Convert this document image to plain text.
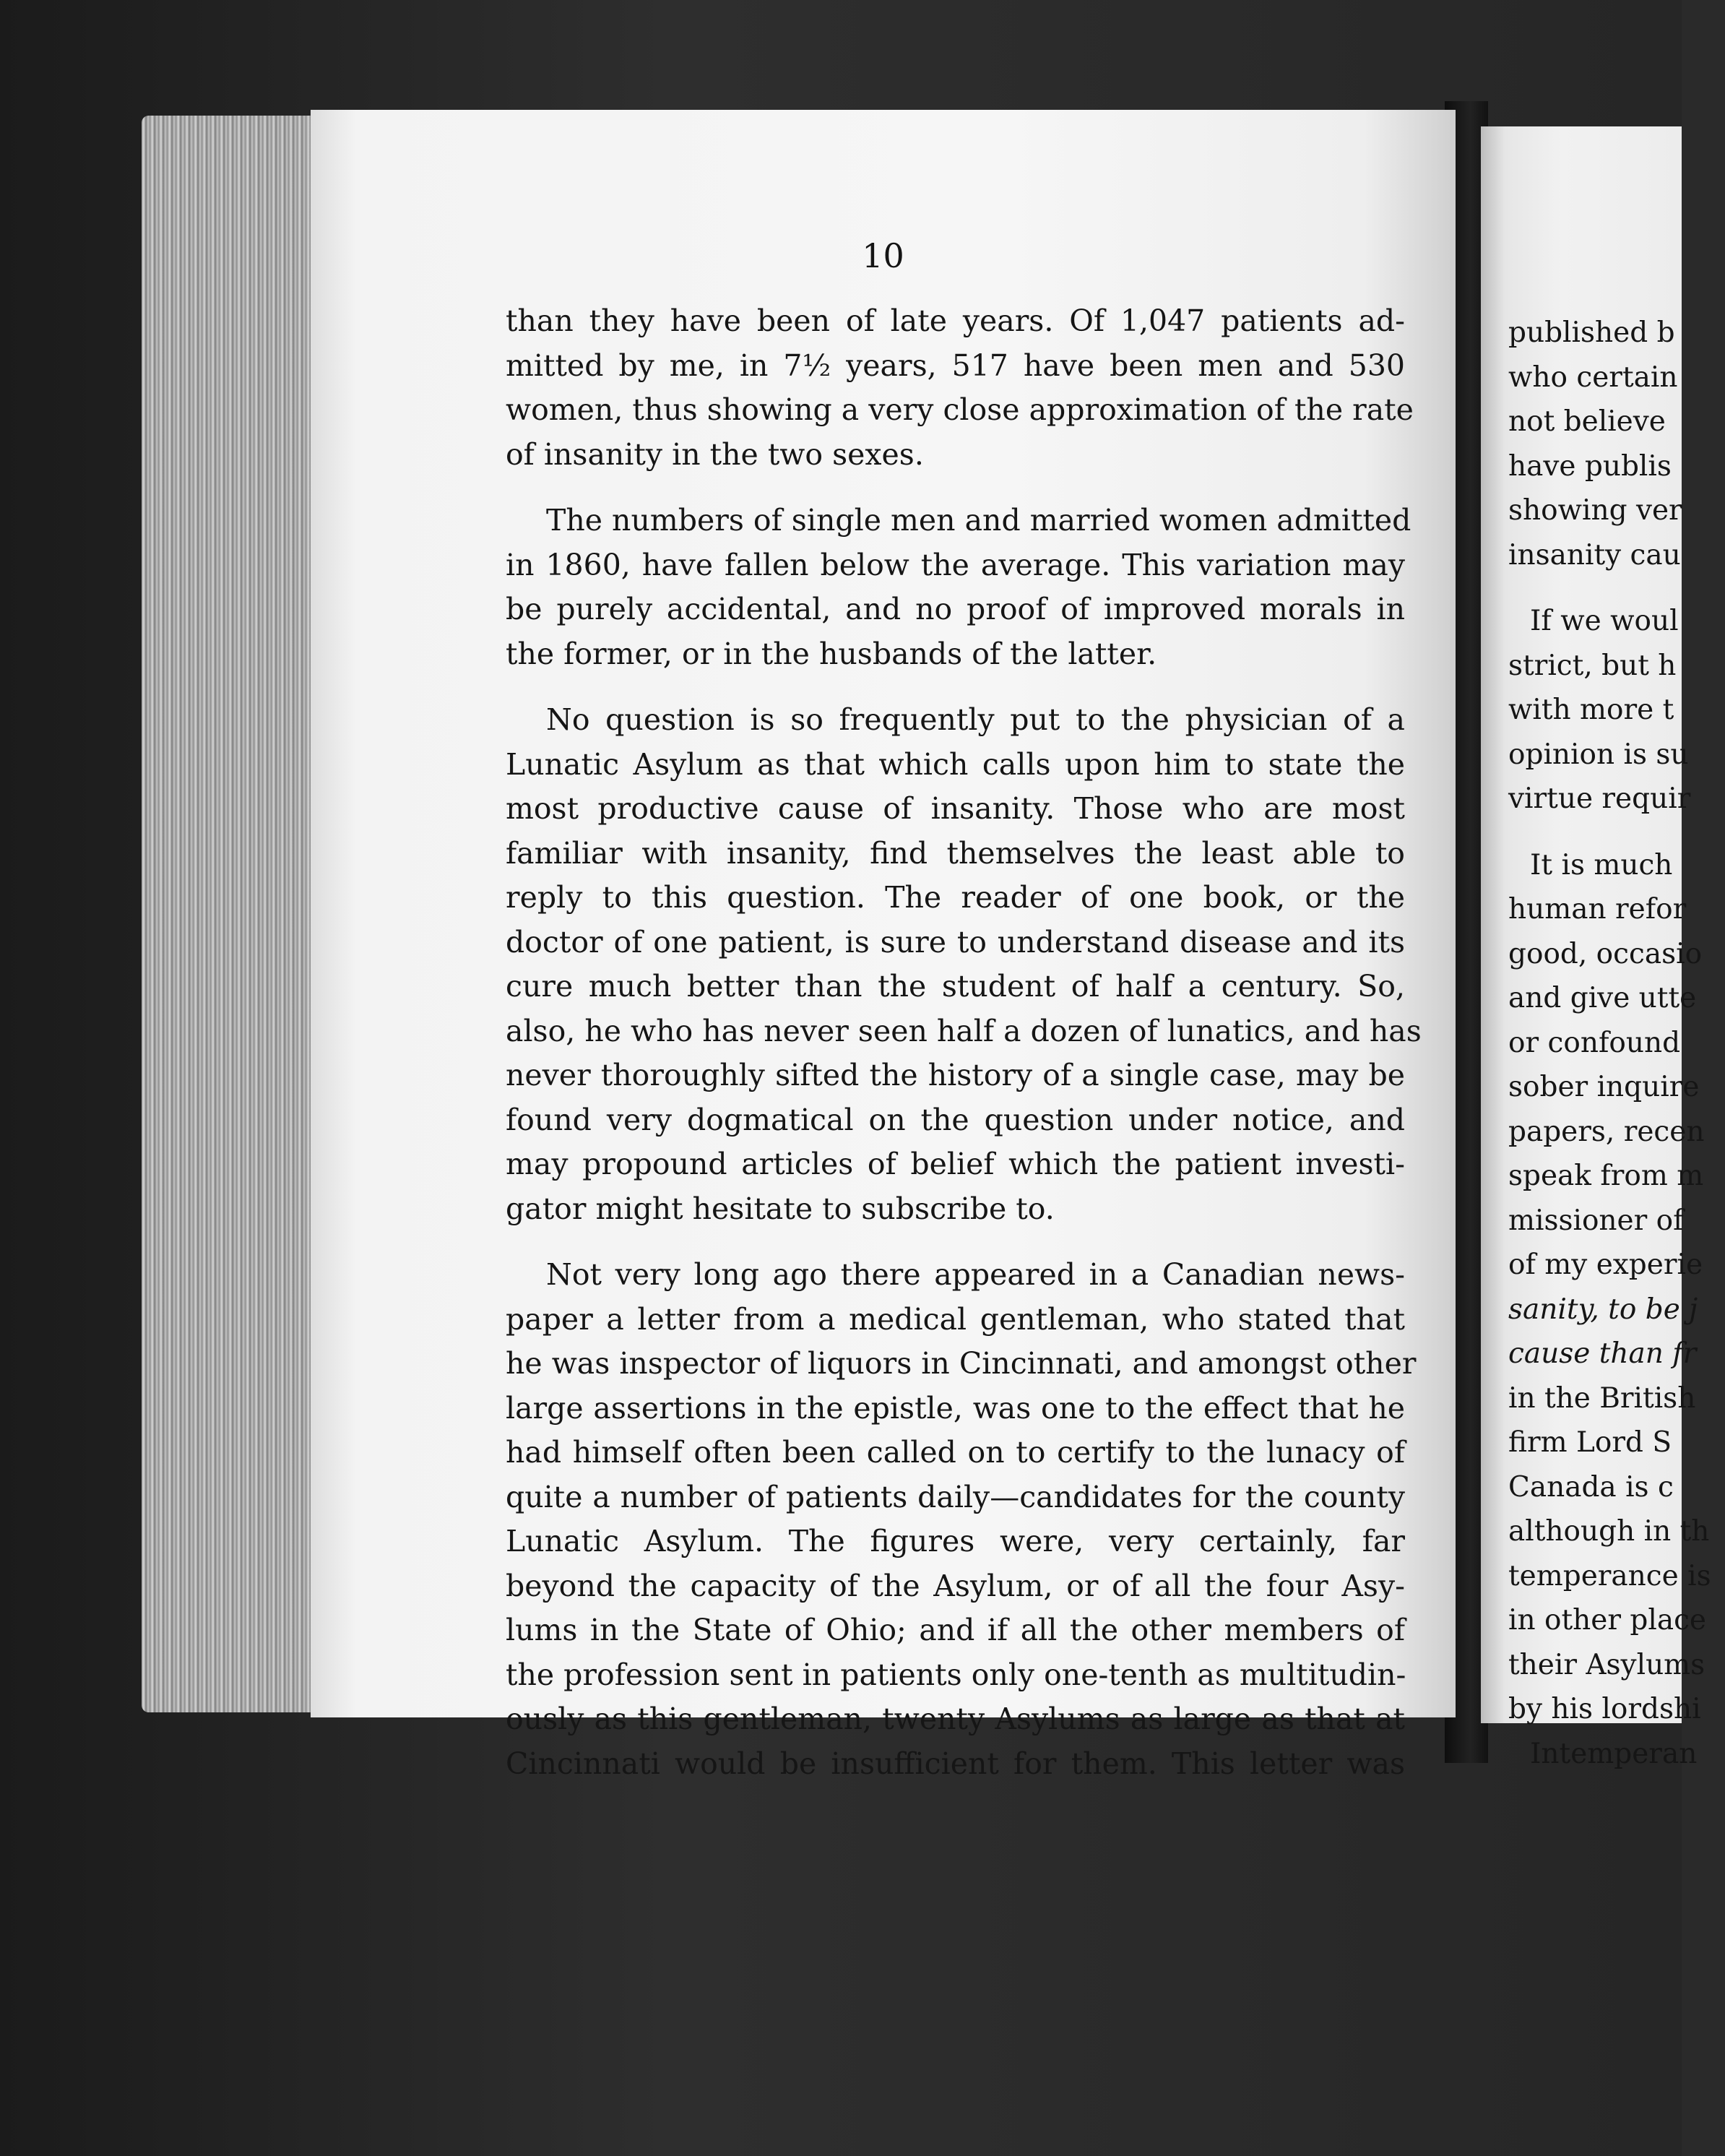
10
than they have been of late years. Of 1,047 patients ad-
mitted by me, in 7½ years, 517 have been men and 530
women, thus showing a very close approximation of the rate
of insanity in the two sexes.
The numbers of single men and married women admitted
in 1860, have fallen below the average. This variation may
be purely accidental, and no proof of improved morals in
the former, or in the husbands of the latter.
No question is so frequently put to the physician of a
Lunatic Asylum as that which calls upon him to state the
most productive cause of insanity. Those who are most
familiar with insanity, find themselves the least able to
reply to this question. The reader of one book, or the
doctor of one patient, is sure to understand disease and its
cure much better than the student of half a century. So,
also, he who has never seen half a dozen of lunatics, and has
never thoroughly sifted the history of a single case, may be
found very dogmatical on the question under notice, and
may propound articles of belief which the patient investi-
gator might hesitate to subscribe to.
Not very long ago there appeared in a Canadian news-
paper a letter from a medical gentleman, who stated that
he was inspector of liquors in Cincinnati, and amongst other
large assertions in the epistle, was one to the effect that he
had himself often been called on to certify to the lunacy of
quite a number of patients daily—candidates for the county
Lunatic Asylum. The figures were, very certainly, far
beyond the capacity of the Asylum, or of all the four Asy-
lums in the State of Ohio; and if all the other members of
the profession sent in patients only one-tenth as multitudin-
ously as this gentleman, twenty Asylums as large as that at
Cincinnati would be insufficient for them. This letter was
published b
who certain
not believe
have publis
showing ver
insanity cau
If we woul
strict, but h
with more t
opinion is su
virtue requir
It is much
human refor
good, occasio
and give utte
or confound
sober inquire
papers, recen
speak from m
missioner of
of my experie
sanity, to be j
cause than fr
in the British
firm Lord S
Canada is c
although in th
temperance is
in other place
their Asylums
by his lordshi
Intemperan
